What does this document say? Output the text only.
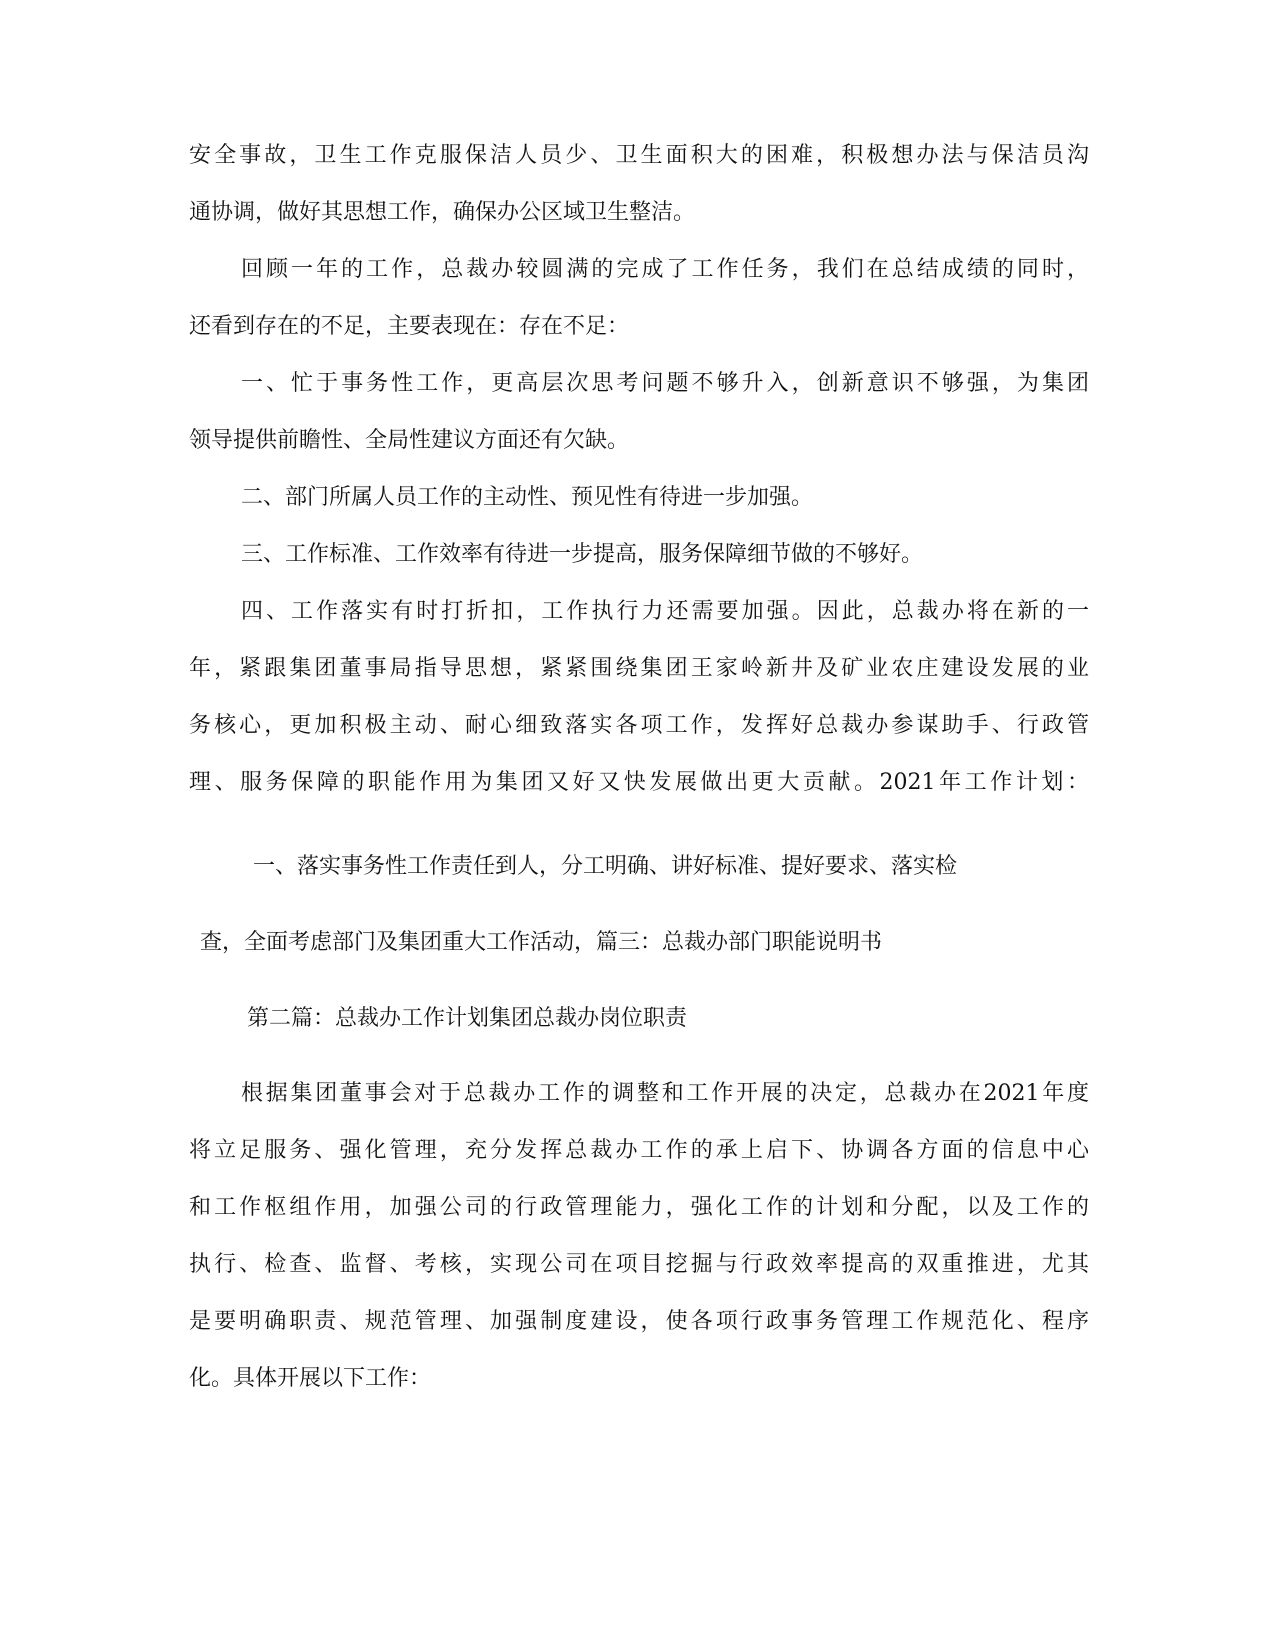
安全事故，卫生工作克服保洁人员少、卫生面积大的困难，积极想办法与保洁员沟
通协调，做好其思想工作，确保办公区域卫生整洁。
回顾一年的工作，总裁办较圆满的完成了工作任务，我们在总结成绩的同时，
还看到存在的不足，主要表现在：存在不足：
一、忙于事务性工作，更高层次思考问题不够升入，创新意识不够强，为集团
领导提供前瞻性、全局性建议方面还有欠缺。
二、部门所属人员工作的主动性、预见性有待进一步加强。
三、工作标准、工作效率有待进一步提高，服务保障细节做的不够好。
四、工作落实有时打折扣，工作执行力还需要加强。因此，总裁办将在新的一
年，紧跟集团董事局指导思想，紧紧围绕集团王家岭新井及矿业农庄建设发展的业
务核心，更加积极主动、耐心细致落实各项工作，发挥好总裁办参谋助手、行政管
理、服务保障的职能作用为集团又好又快发展做出更大贡献。2021年工作计划：
一、落实事务性工作责任到人，分工明确、讲好标准、提好要求、落实检
查，全面考虑部门及集团重大工作活动，篇三：总裁办部门职能说明书
第二篇：总裁办工作计划集团总裁办岗位职责
根据集团董事会对于总裁办工作的调整和工作开展的决定，总裁办在2021年度
将立足服务、强化管理，充分发挥总裁办工作的承上启下、协调各方面的信息中心
和工作枢组作用，加强公司的行政管理能力，强化工作的计划和分配，以及工作的
执行、检查、监督、考核，实现公司在项目挖掘与行政效率提高的双重推进，尤其
是要明确职责、规范管理、加强制度建设，使各项行政事务管理工作规范化、程序
化。具体开展以下工作：
